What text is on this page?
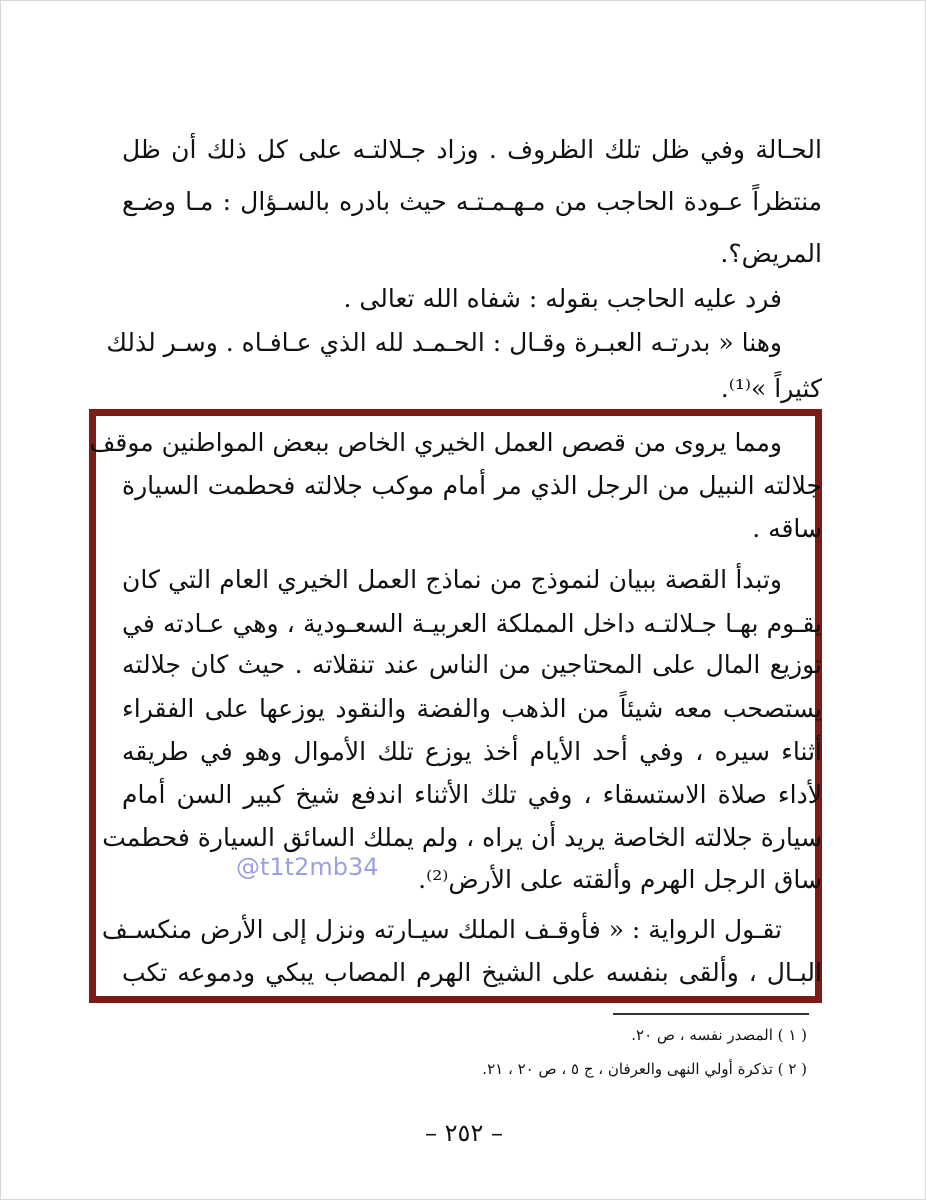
الحـالة وفي ظل تلك الظروف . وزاد جـلالتـه على كل ذلك أن ظل
منتظراً عـودة الحاجب من مـهـمـتـه حيث بادره بالسـؤال : مـا وضـع
المريض؟.
فرد عليه الحاجب بقوله : شفاه الله تعالى .
وهنا « بدرتـه العبـرة وقـال : الحـمـد لله الذي عـافـاه . وسـر لذلك
كثيراً »⁽¹⁾.
ومما يروى من قصص العمل الخيري الخاص ببعض المواطنين موقف
جلالته النبيل من الرجل الذي مر أمام موكب جلالته فحطمت السيارة
ساقه .
وتبدأ القصة ببيان لنموذج من نماذج العمل الخيري العام التي كان
يقـوم بهـا جـلالتـه داخل المملكة العربيـة السعـودية ، وهي عـادته في
توزيع المال على المحتاجين من الناس عند تنقلاته . حيث كان جلالته
يستصحب معه شيئاً من الذهب والفضة والنقود يوزعها على الفقراء
أثناء سيره ، وفي أحد الأيام أخذ يوزع تلك الأموال وهو في طريقه
لأداء صلاة الاستسقاء ، وفي تلك الأثناء اندفع شيخ كبير السن أمام
سيارة جلالته الخاصة يريد أن يراه ، ولم يملك السائق السيارة فحطمت
ساق الرجل الهرم وألقته على الأرض⁽²⁾.
تقـول الرواية : « فأوقـف الملك سيـارته ونزل إلى الأرض منكسـف
البـال ، وألقى بنفسه على الشيخ الهرم المصاب يبكي ودموعه تكب
@t1t2mb34
( ١ ) المصدر نفسه ، ص ٢٠.
( ٢ ) تذكرة أولي النهى والعرفان ، ج ٥ ، ص ٢٠ ، ٢١.
– ٢٥٢ –
